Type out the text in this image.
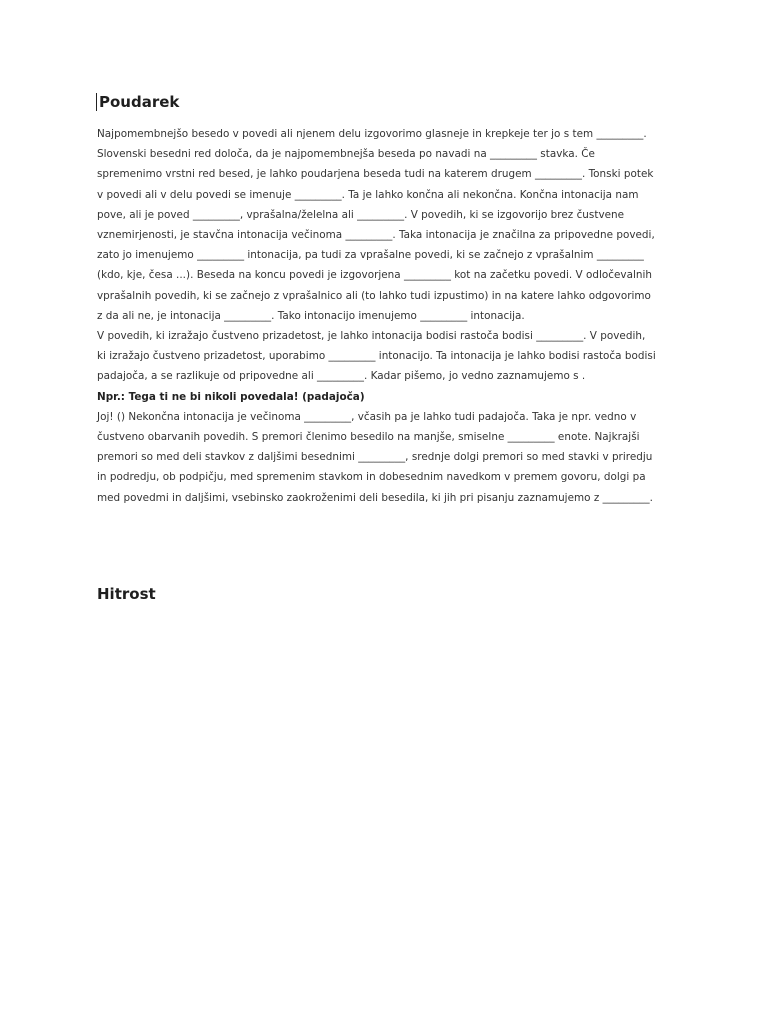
Poudarek

Najpomembnejšo besedo v povedi ali njenem delu izgovorimo glasneje in krepkeje ter jo s tem _________. Slovenski besedni red določa, da je najpomembnejša beseda po navadi na _________ stavka. Če spremenimo vrstni red besed, je lahko poudarjena beseda tudi na katerem drugem _________. Tonski potek v povedi ali v delu povedi se imenuje _________. Ta je lahko končna ali nekončna. Končna intonacija nam pove, ali je poved _________, vprašalna/želelna ali _________. V povedih, ki se izgovorijo brez čustvene vznemirjenosti, je stavčna intonacija večinoma _________. Taka intonacija je značilna za pripovedne povedi, zato jo imenujemo _________ intonacija, pa tudi za vprašalne povedi, ki se začnejo z vprašalnim _________ (kdo, kje, česa ...). Beseda na koncu povedi je izgovorjena _________ kot na začetku povedi. V odločevalnih vprašalnih povedih, ki se začnejo z vprašalnico ali (to lahko tudi izpustimo) in na katere lahko odgovorimo z da ali ne, je intonacija _________. Tako intonacijo imenujemo _________ intonacija.

V povedih, ki izražajo čustveno prizadetost, je lahko intonacija bodisi rastoča bodisi _________. V povedih, ki izražajo čustveno prizadetost, uporabimo _________ intonacijo. Ta intonacija je lahko bodisi rastoča bodisi padajoča, a se razlikuje od pripovedne ali _________. Kadar pišemo, jo vedno zaznamujemo s .

Npr.: Tega ti ne bi nikoli povedala! (padajoča)

Joj! () Nekončna intonacija je večinoma _________, včasih pa je lahko tudi padajoča. Taka je npr. vedno v čustveno obarvanih povedih. S premori členimo besedilo na manjše, smiselne _________ enote. Najkrajši premori so med deli stavkov z daljšimi besednimi _________, srednje dolgi premori so med stavki v priredju in podredju, ob podpičju, med spremenim stavkom in dobesednim navedkom v premem govoru, dolgi pa med povedmi in daljšimi, vsebinsko zaokroženimi deli besedila, ki jih pri pisanju zaznamujemo z _________.

Hitrost
